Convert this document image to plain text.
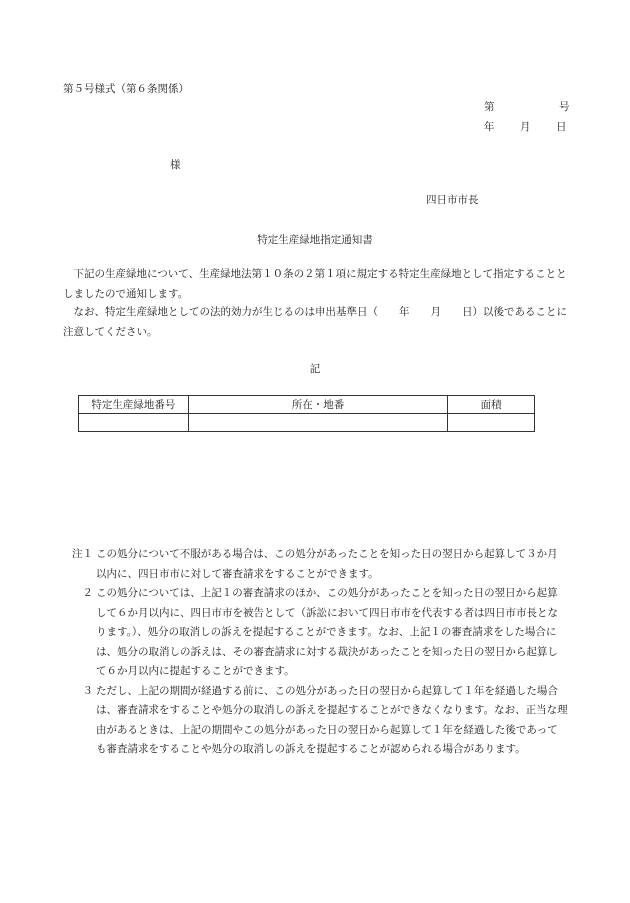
第５号様式（第６条関係）
第	号
年 月 日
様
四日市市長
特定生産緑地指定通知書
　下記の生産緑地について、生産緑地法第１０条の２第１項に規定する特定生産緑地として指定することとしましたので通知します。
　なお、特定生産緑地としての法的効力が生じるのは申出基準日（　　年　　月　　日）以後であることに注意してください。
記
特定生産緑地番号	所在・地番	面積

注１ この処分について不服がある場合は、この処分があったことを知った日の翌日から起算して３か月以内に、四日市市に対して審査請求をすることができます。
２ この処分については、上記１の審査請求のほか、この処分があったことを知った日の翌日から起算して６か月以内に、四日市市を被告として（訴訟において四日市市を代表する者は四日市市長となります。）、処分の取消しの訴えを提起することができます。なお、上記１の審査請求をした場合には、処分の取消しの訴えは、その審査請求に対する裁決があったことを知った日の翌日から起算して６か月以内に提起することができます。
３ ただし、上記の期間が経過する前に、この処分があった日の翌日から起算して１年を経過した場合は、審査請求をすることや処分の取消しの訴えを提起することができなくなります。なお、正当な理由があるときは、上記の期間やこの処分があった日の翌日から起算して１年を経過した後であっても審査請求をすることや処分の取消しの訴えを提起することが認められる場合があります。
